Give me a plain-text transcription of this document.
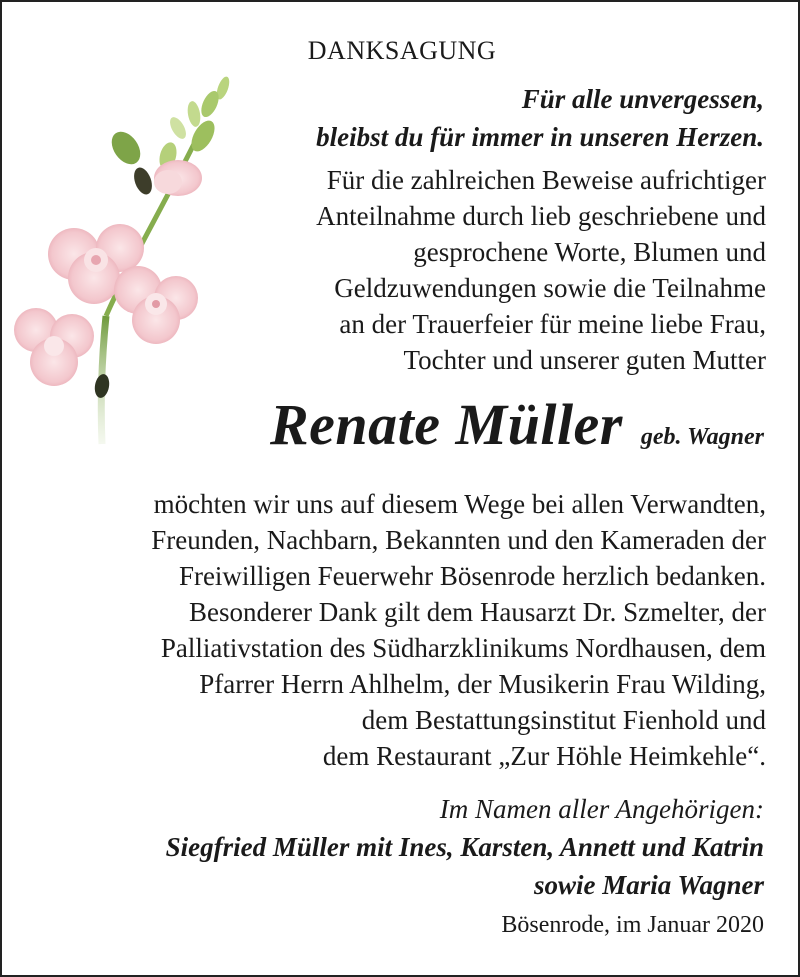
DANKSAGUNG
Für alle unvergessen,
bleibst du für immer in unseren Herzen.
Für die zahlreichen Beweise aufrichtiger
Anteilnahme durch lieb geschriebene und
gesprochene Worte, Blumen und
Geldzuwendungen sowie die Teilnahme
an der Trauerfeier für meine liebe Frau,
Tochter und unserer guten Mutter
Renate Müller geb. Wagner
möchten wir uns auf diesem Wege bei allen Verwandten,
Freunden, Nachbarn, Bekannten und den Kameraden der
Freiwilligen Feuerwehr Bösenrode herzlich bedanken.
Besonderer Dank gilt dem Hausarzt Dr. Szmelter, der
Palliativstation des Südharzklinikums Nordhausen, dem
Pfarrer Herrn Ahlhelm, der Musikerin Frau Wilding,
dem Bestattungsinstitut Fienhold und
dem Restaurant „Zur Höhle Heimkehle“.
Im Namen aller Angehörigen:
Siegfried Müller mit Ines, Karsten, Annett und Katrin
sowie Maria Wagner
Bösenrode, im Januar 2020
